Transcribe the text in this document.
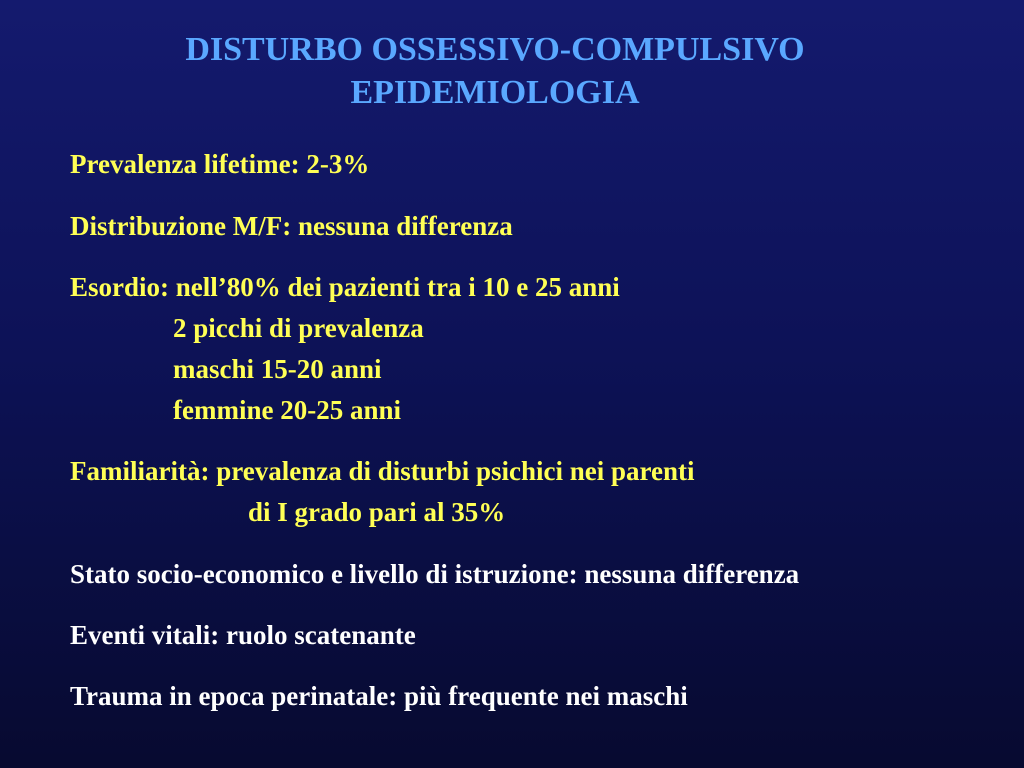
DISTURBO OSSESSIVO-COMPULSIVO
EPIDEMIOLOGIA
Prevalenza lifetime: 2-3%
Distribuzione M/F: nessuna differenza
Esordio: nell’80% dei pazienti tra i 10 e 25 anni
2 picchi di prevalenza
maschi 15-20 anni
femmine 20-25 anni
Familiarità: prevalenza di disturbi psichici nei parenti
di I grado pari al 35%
Stato socio-economico e livello di istruzione: nessuna differenza
Eventi vitali: ruolo scatenante
Trauma in epoca perinatale: più frequente nei maschi
